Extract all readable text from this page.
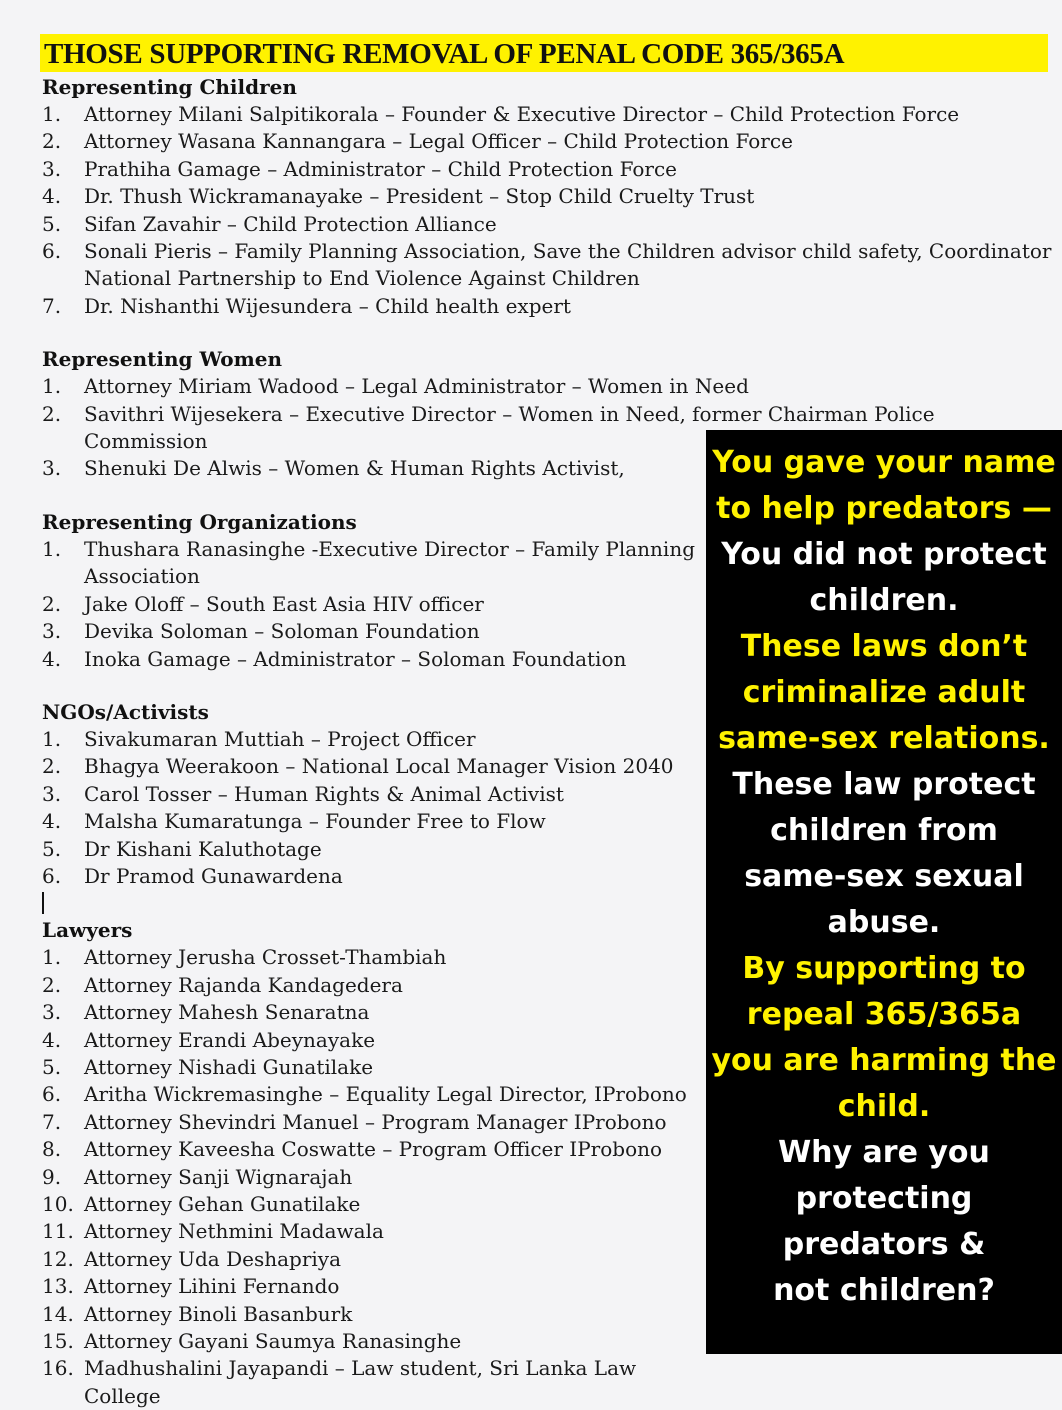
THOSE SUPPORTING REMOVAL OF PENAL CODE 365/365A
Representing Children
1. Attorney Milani Salpitikorala – Founder & Executive Director – Child Protection Force
2. Attorney Wasana Kannangara – Legal Officer – Child Protection Force
3. Prathiha Gamage – Administrator – Child Protection Force
4. Dr. Thush Wickramanayake – President – Stop Child Cruelty Trust
5. Sifan Zavahir – Child Protection Alliance
6. Sonali Pieris – Family Planning Association, Save the Children advisor child safety, Coordinator National Partnership to End Violence Against Children
7. Dr. Nishanthi Wijesundera – Child health expert
Representing Women
1. Attorney Miriam Wadood – Legal Administrator – Women in Need
2. Savithri Wijesekera – Executive Director – Women in Need, former Chairman Police Commission
3. Shenuki De Alwis – Women & Human Rights Activist,
Representing Organizations
1. Thushara Ranasinghe -Executive Director – Family Planning Association
2. Jake Oloff – South East Asia HIV officer
3. Devika Soloman – Soloman Foundation
4. Inoka Gamage – Administrator – Soloman Foundation
NGOs/Activists
1. Sivakumaran Muttiah – Project Officer
2. Bhagya Weerakoon – National Local Manager Vision 2040
3. Carol Tosser – Human Rights & Animal Activist
4. Malsha Kumaratunga – Founder Free to Flow
5. Dr Kishani Kaluthotage
6. Dr Pramod Gunawardena
Lawyers
1. Attorney Jerusha Crosset-Thambiah
2. Attorney Rajanda Kandagedera
3. Attorney Mahesh Senaratna
4. Attorney Erandi Abeynayake
5. Attorney Nishadi Gunatilake
6. Aritha Wickremasinghe – Equality Legal Director, IProbono
7. Attorney Shevindri Manuel – Program Manager IProbono
8. Attorney Kaveesha Coswatte – Program Officer IProbono
9. Attorney Sanji Wignarajah
10. Attorney Gehan Gunatilake
11. Attorney Nethmini Madawala
12. Attorney Uda Deshapriya
13. Attorney Lihini Fernando
14. Attorney Binoli Basanburk
15. Attorney Gayani Saumya Ranasinghe
16. Madhushalini Jayapandi – Law student, Sri Lanka Law College
You gave your name
to help predators —
You did not protect
children.
These laws don’t
criminalize adult
same-sex relations.
These law protect
children from
same-sex sexual
abuse.
By supporting to
repeal 365/365a
you are harming the
child.
Why are you
protecting
predators &
not children?
